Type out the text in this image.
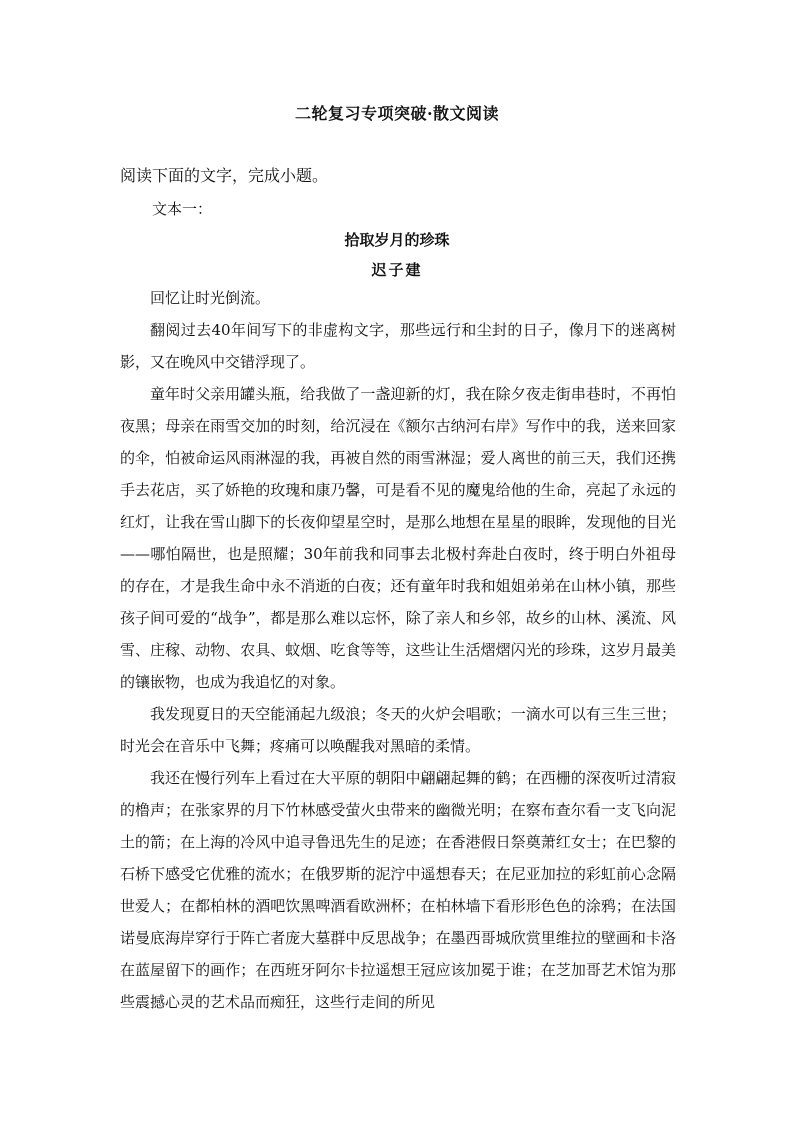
二轮复习专项突破·散文阅读
阅读下面的文字，完成小题。
文本一：
拾取岁月的珍珠
迟子建

回忆让时光倒流。

翻阅过去40年间写下的非虚构文字，那些远行和尘封的日子，像月下的迷离树影，又在晚风中交错浮现了。

童年时父亲用罐头瓶，给我做了一盏迎新的灯，我在除夕夜走街串巷时，不再怕夜黑；母亲在雨雪交加的时刻，给沉浸在《额尔古纳河右岸》写作中的我，送来回家的伞，怕被命运风雨淋湿的我，再被自然的雨雪淋湿；爱人离世的前三天，我们还携手去花店，买了娇艳的玫瑰和康乃馨，可是看不见的魔鬼给他的生命，亮起了永远的红灯，让我在雪山脚下的长夜仰望星空时，是那么地想在星星的眼眸，发现他的目光——哪怕隔世，也是照耀；30年前我和同事去北极村奔赴白夜时，终于明白外祖母的存在，才是我生命中永不消逝的白夜；还有童年时我和姐姐弟弟在山林小镇，那些孩子间可爱的“战争”，都是那么难以忘怀，除了亲人和乡邻，故乡的山林、溪流、风雪、庄稼、动物、农具、蚊烟、吃食等等，这些让生活熠熠闪光的珍珠，这岁月最美的镶嵌物，也成为我追忆的对象。

我发现夏日的天空能涌起九级浪；冬天的火炉会唱歌；一滴水可以有三生三世；时光会在音乐中飞舞；疼痛可以唤醒我对黑暗的柔情。

我还在慢行列车上看过在大平原的朝阳中翩翩起舞的鹤；在西栅的深夜听过清寂的橹声；在张家界的月下竹林感受萤火虫带来的幽微光明；在察布查尔看一支飞向泥土的箭；在上海的冷风中追寻鲁迅先生的足迹；在香港假日祭奠萧红女士；在巴黎的石桥下感受它优雅的流水；在俄罗斯的泥泞中遥想春天；在尼亚加拉的彩虹前心念隔世爱人；在都柏林的酒吧饮黑啤酒看欧洲杯；在柏林墙下看形形色色的涂鸦；在法国诺曼底海岸穿行于阵亡者庞大墓群中反思战争；在墨西哥城欣赏里维拉的壁画和卡洛在蓝屋留下的画作；在西班牙阿尔卡拉遥想王冠应该加冕于谁；在芝加哥艺术馆为那些震撼心灵的艺术品而痴狂，这些行走间的所见
